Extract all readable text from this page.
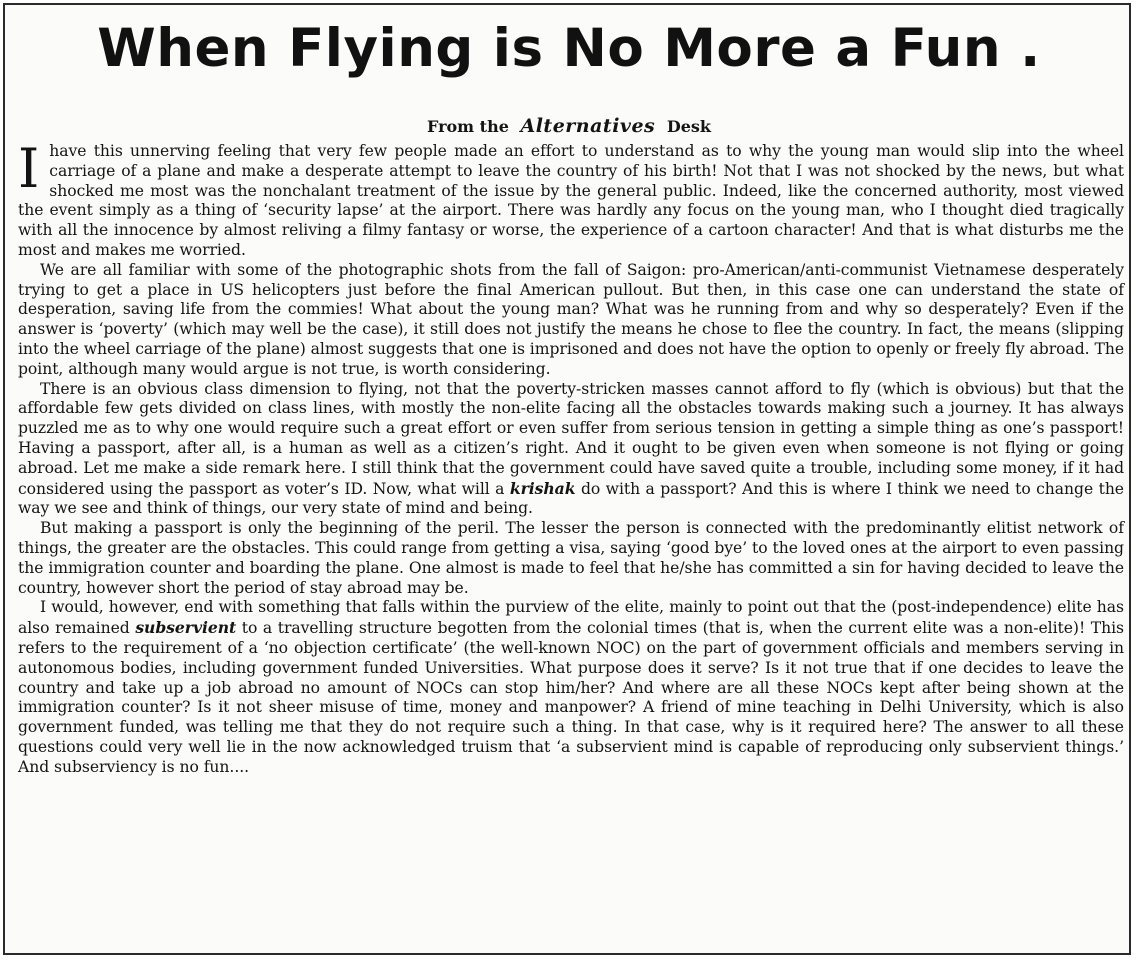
When Flying is No More a Fun .
From the Alternatives Desk

I have this unnerving feeling that very few people made an effort to understand as to why the young man would slip into the wheel carriage of a plane and make a desperate attempt to leave the country of his birth! Not that I was not shocked by the news, but what shocked me most was the nonchalant treatment of the issue by the general public. Indeed, like the concerned authority, most viewed the event simply as a thing of ‘security lapse’ at the airport. There was hardly any focus on the young man, who I thought died tragically with all the innocence by almost reliving a filmy fantasy or worse, the experience of a cartoon character! And that is what disturbs me the most and makes me worried.

We are all familiar with some of the photographic shots from the fall of Saigon: pro-American/anti-communist Vietnamese desperately trying to get a place in US helicopters just before the final American pullout. But then, in this case one can understand the state of desperation, saving life from the commies! What about the young man? What was he running from and why so desperately? Even if the answer is ‘poverty’ (which may well be the case), it still does not justify the means he chose to flee the country. In fact, the means (slipping into the wheel carriage of the plane) almost suggests that one is imprisoned and does not have the option to openly or freely fly abroad. The point, although many would argue is not true, is worth considering.

There is an obvious class dimension to flying, not that the poverty-stricken masses cannot afford to fly (which is obvious) but that the affordable few gets divided on class lines, with mostly the non-elite facing all the obstacles towards making such a journey. It has always puzzled me as to why one would require such a great effort or even suffer from serious tension in getting a simple thing as one’s passport! Having a passport, after all, is a human as well as a citizen’s right. And it ought to be given even when someone is not flying or going abroad. Let me make a side remark here. I still think that the government could have saved quite a trouble, including some money, if it had considered using the passport as voter’s ID. Now, what will a krishak do with a passport? And this is where I think we need to change the way we see and think of things, our very state of mind and being.

But making a passport is only the beginning of the peril. The lesser the person is connected with the predominantly elitist network of things, the greater are the obstacles. This could range from getting a visa, saying ‘good bye’ to the loved ones at the airport to even passing the immigration counter and boarding the plane. One almost is made to feel that he/she has committed a sin for having decided to leave the country, however short the period of stay abroad may be.

I would, however, end with something that falls within the purview of the elite, mainly to point out that the (post-independence) elite has also remained subservient to a travelling structure begotten from the colonial times (that is, when the current elite was a non-elite)! This refers to the requirement of a ‘no objection certificate’ (the well-known NOC) on the part of government officials and members serving in autonomous bodies, including government funded Universities. What purpose does it serve? Is it not true that if one decides to leave the country and take up a job abroad no amount of NOCs can stop him/her? And where are all these NOCs kept after being shown at the immigration counter? Is it not sheer misuse of time, money and manpower? A friend of mine teaching in Delhi University, which is also government funded, was telling me that they do not require such a thing. In that case, why is it required here? The answer to all these questions could very well lie in the now acknowledged truism that ‘a subservient mind is capable of reproducing only subservient things.’ And subserviency is no fun....
